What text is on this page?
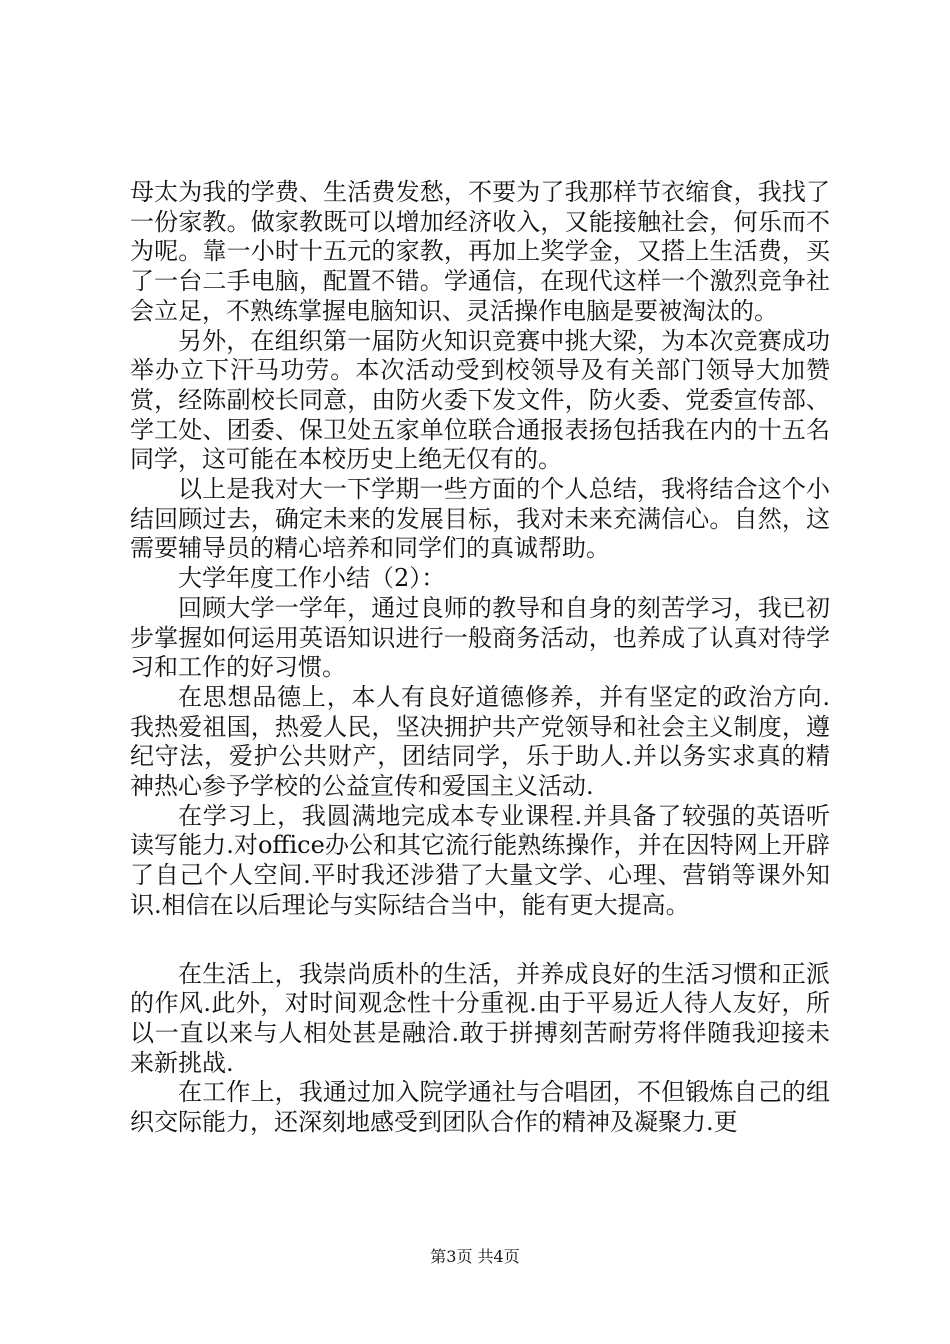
母太为我的学费、生活费发愁，不要为了我那样节衣缩食，我找了一份家教。做家教既可以增加经济收入，又能接触社会，何乐而不为呢。靠一小时十五元的家教，再加上奖学金，又搭上生活费，买了一台二手电脑，配置不错。学通信，在现代这样一个激烈竞争社会立足，不熟练掌握电脑知识、灵活操作电脑是要被淘汰的。

另外，在组织第一届防火知识竞赛中挑大梁，为本次竞赛成功举办立下汗马功劳。本次活动受到校领导及有关部门领导大加赞赏，经陈副校长同意，由防火委下发文件，防火委、党委宣传部、学工处、团委、保卫处五家单位联合通报表扬包括我在内的十五名同学，这可能在本校历史上绝无仅有的。

以上是我对大一下学期一些方面的个人总结，我将结合这个小结回顾过去，确定未来的发展目标，我对未来充满信心。自然，这需要辅导员的精心培养和同学们的真诚帮助。

大学年度工作小结（2）：

回顾大学一学年，通过良师的教导和自身的刻苦学习，我已初步掌握如何运用英语知识进行一般商务活动，也养成了认真对待学习和工作的好习惯。

在思想品德上，本人有良好道德修养，并有坚定的政治方向.我热爱祖国，热爱人民，坚决拥护共产党领导和社会主义制度，遵纪守法，爱护公共财产，团结同学，乐于助人.并以务实求真的精神热心参予学校的公益宣传和爱国主义活动.

在学习上，我圆满地完成本专业课程.并具备了较强的英语听读写能力.对office办公和其它流行能熟练操作，并在因特网上开辟了自己个人空间.平时我还涉猎了大量文学、心理、营销等课外知识.相信在以后理论与实际结合当中，能有更大提高。

在生活上，我崇尚质朴的生活，并养成良好的生活习惯和正派的作风.此外，对时间观念性十分重视.由于平易近人待人友好，所以一直以来与人相处甚是融洽.敢于拼搏刻苦耐劳将伴随我迎接未来新挑战.

在工作上，我通过加入院学通社与合唱团，不但锻炼自己的组织交际能力，还深刻地感受到团队合作的精神及凝聚力.更

第3页 共4页
